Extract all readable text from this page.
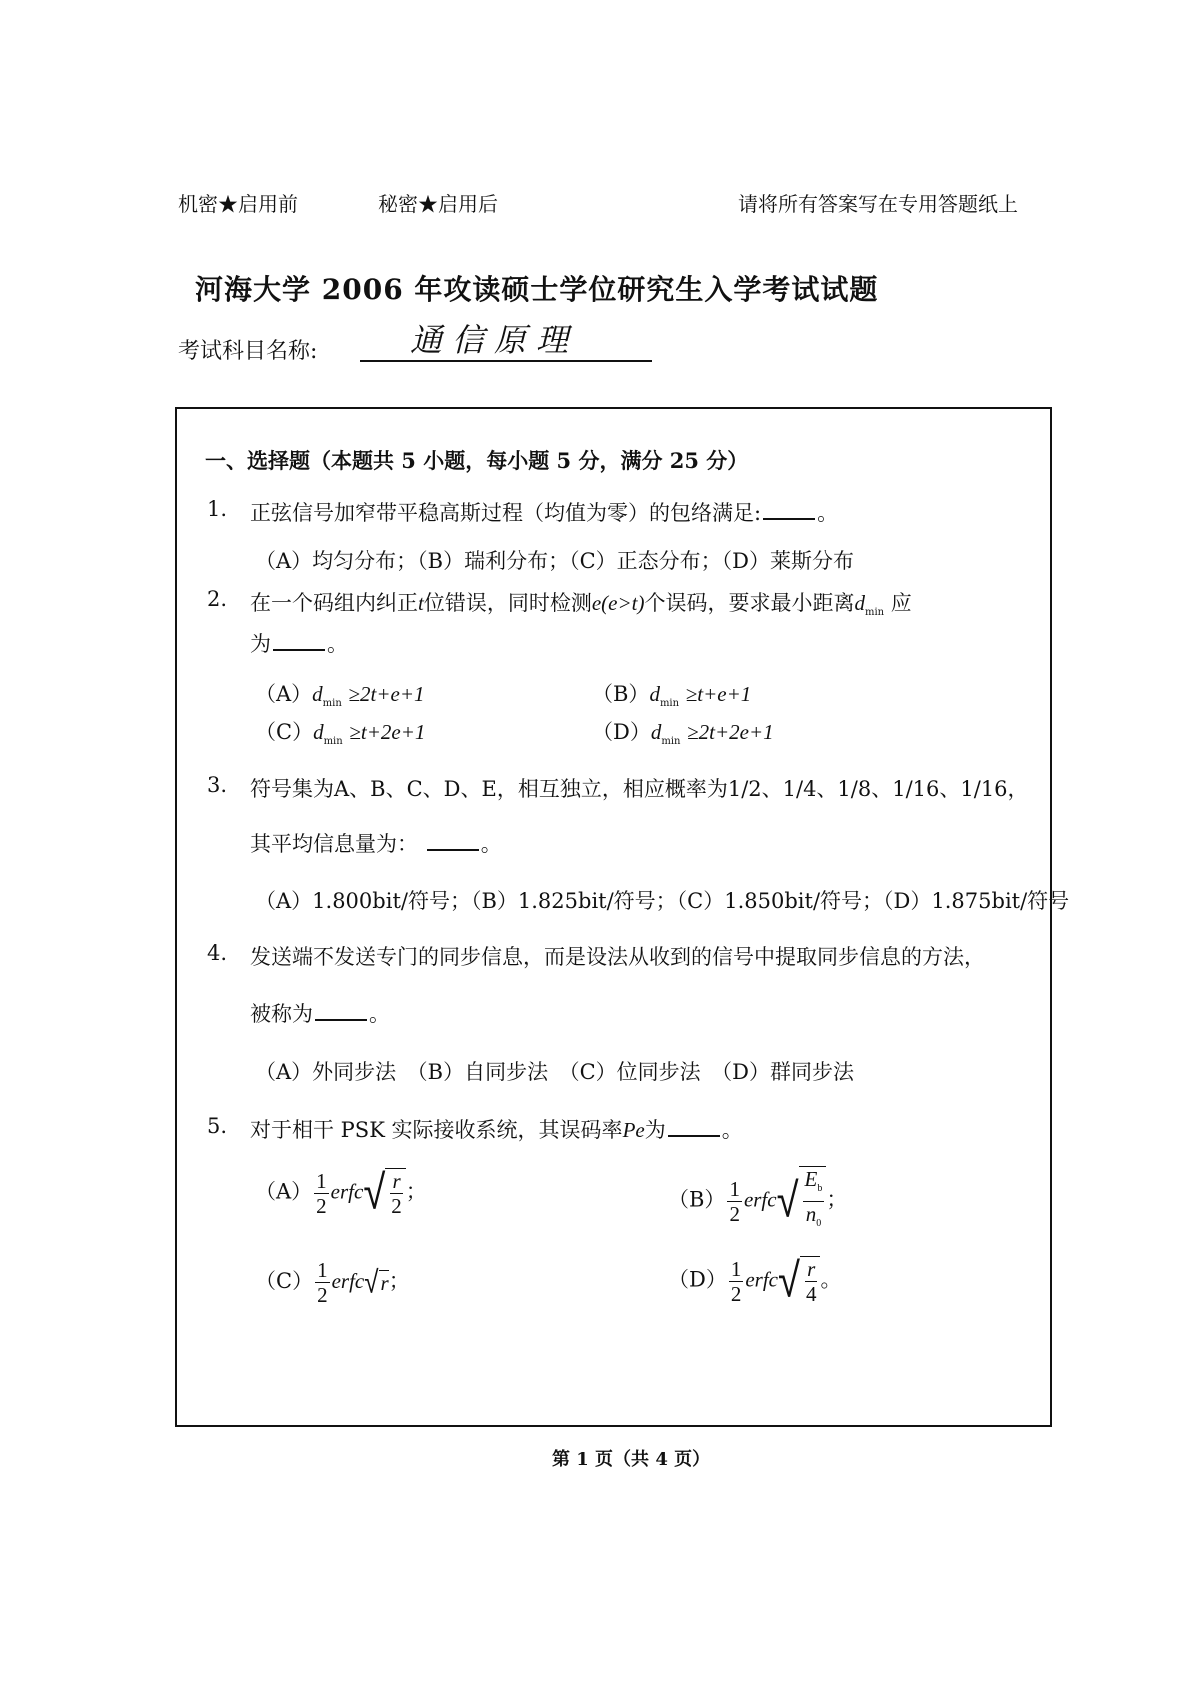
机密★启用前	秘密★启用后	请将所有答案写在专用答题纸上
河海大学 2006 年攻读硕士学位研究生入学考试试题
考试科目名称:	通信原理
一、选择题（本题共 5 小题，每小题 5 分，满分 25 分）
1. 正弦信号加窄带平稳高斯过程（均值为零）的包络满足:	。
（A）均匀分布；（B）瑞利分布；（C）正态分布；（D）莱斯分布
2. 在一个码组内纠正t位错误，同时检测e(e>t)个误码，要求最小距离$d_{min}$ 应
为	。
$(A)d_{min} \ge 2t+e+1$	$(B)d_{min} \ge t+e+1$
$(C)d_{min} \ge t+2e+1$	$(D)d_{min} \ge 2t+2e+1$
3. 符号集为A、B、C、D、E，相互独立，相应概率为1/2、1/4、1/8、1/16、1/16，
其平均信息量为：	。
（A）1.800bit/符号；（B）1.825bit/符号；（C）1.850bit/符号；（D）1.875bit/符号
4. 发送端不发送专门的同步信息，而是设法从收到的信号中提取同步信息的方法，
被称为	。
（A）外同步法　（B）自同步法　（C）位同步法　（D）群同步法
5. 对于相干 PSK 实际接收系统，其误码率Pe为	。
$(A) \frac{1}{2}$ erfc √ $\frac{r}{2}$ ；	$(B) \frac{1}{2}$ erfc √ $\frac{E_b}{n_0}$ ；
$(C) \frac{1}{2}$ erfc √ r ；	$(D) \frac{1}{2}$ erfc √ $\frac{r}{4}$ 。
第 1 页（共 4 页）
